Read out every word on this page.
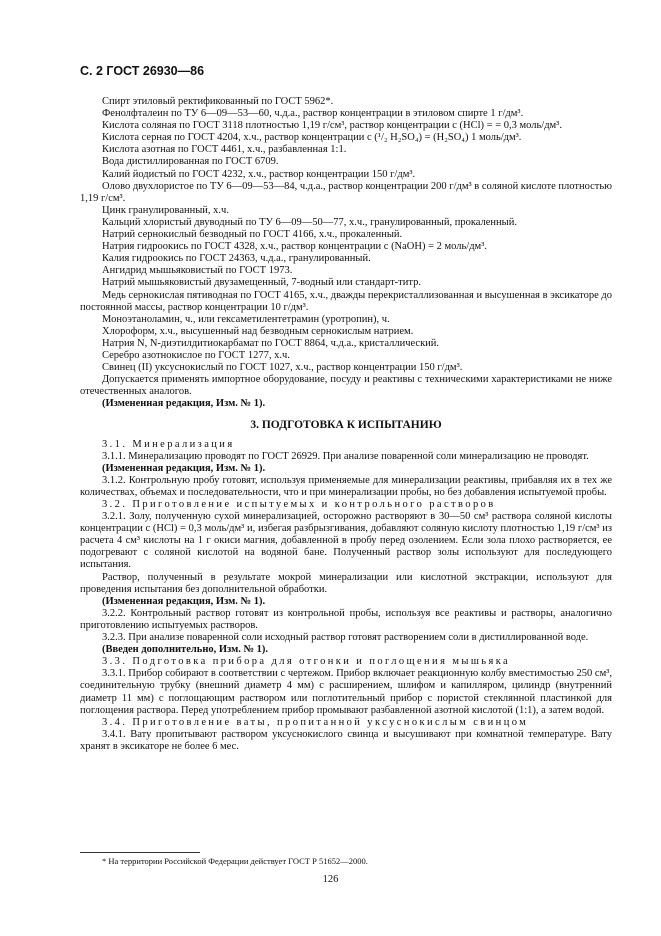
С. 2 ГОСТ 26930—86

Спирт этиловый ректификованный по ГОСТ 5962*.

Фенолфталеин по ТУ 6—09—53—60, ч.д.а., раствор концентрации в этиловом спирте 1 г/дм³.

Кислота соляная по ГОСТ 3118 плотностью 1,19 г/см³, раствор концентрации c (HCl) = = 0,3 моль/дм³.

Кислота серная по ГОСТ 4204, х.ч., раствор концентрации c (¹/₂ H₂SO₄) = (H₂SO₄) 1 моль/дм³.

Кислота азотная по ГОСТ 4461, х.ч., разбавленная 1:1.

Вода дистиллированная по ГОСТ 6709.

Калий йодистый по ГОСТ 4232, х.ч., раствор концентрации 150 г/дм³.

Олово двухлористое по ТУ 6—09—53—84, ч.д.а., раствор концентрации 200 г/дм³ в соляной кислоте плотностью 1,19 г/см³.

Цинк гранулированный, х.ч.

Кальций хлористый двуводный по ТУ 6—09—50—77, х.ч., гранулированный, прокаленный.

Натрий сернокислый безводный по ГОСТ 4166, х.ч., прокаленный.

Натрия гидроокись по ГОСТ 4328, х.ч., раствор концентрации c (NaOH) = 2 моль/дм³.

Калия гидроокись по ГОСТ 24363, ч.д.а., гранулированный.

Ангидрид мышьяковистый по ГОСТ 1973.

Натрий мышьяковистый двузамещенный, 7-водный или стандарт-титр.

Медь сернокислая пятиводная по ГОСТ 4165, х.ч., дважды перекристаллизованная и высушенная в эксикаторе до постоянной массы, раствор концентрации 10 г/дм³.

Моноэтаноламин, ч., или гексаметилентетрамин (уротропин), ч.

Хлороформ, х.ч., высушенный над безводным сернокислым натрием.

Натрия N, N-диэтилдитиокарбамат по ГОСТ 8864, ч.д.а., кристаллический.

Серебро азотнокислое по ГОСТ 1277, х.ч.

Свинец (II) уксуснокислый по ГОСТ 1027, х.ч., раствор концентрации 150 г/дм³.

Допускается применять импортное оборудование, посуду и реактивы с техническими характеристиками не ниже отечественных аналогов.

(Измененная редакция, Изм. № 1).

3. ПОДГОТОВКА К ИСПЫТАНИЮ

3.1. Минерализация

3.1.1. Минерализацию проводят по ГОСТ 26929. При анализе поваренной соли минерализацию не проводят.

(Измененная редакция, Изм. № 1).

3.1.2. Контрольную пробу готовят, используя применяемые для минерализации реактивы, прибавляя их в тех же количествах, объемах и последовательности, что и при минерализации пробы, но без добавления испытуемой пробы.

3.2. Приготовление испытуемых и контрольного растворов

3.2.1. Золу, полученную сухой минерализацией, осторожно растворяют в 30—50 см³ раствора соляной кислоты концентрации c (HCl) = 0,3 моль/дм³ и, избегая разбрызгивания, добавляют соляную кислоту плотностью 1,19 г/см³ из расчета 4 см³ кислоты на 1 г окиси магния, добавленной в пробу перед озолением. Если зола плохо растворяется, ее подогревают с соляной кислотой на водяной бане. Полученный раствор золы используют для последующего испытания.

Раствор, полученный в результате мокрой минерализации или кислотной экстракции, используют для проведения испытания без дополнительной обработки.

(Измененная редакция, Изм. № 1).

3.2.2. Контрольный раствор готовят из контрольной пробы, используя все реактивы и растворы, аналогично приготовлению испытуемых растворов.

3.2.3. При анализе поваренной соли исходный раствор готовят растворением соли в дистиллированной воде.

(Введен дополнительно, Изм. № 1).

3.3. Подготовка прибора для отгонки и поглощения мышьяка

3.3.1. Прибор собирают в соответствии с чертежом. Прибор включает реакционную колбу вместимостью 250 см³, соединительную трубку (внешний диаметр 4 мм) с расширением, шлифом и капилляром, цилиндр (внутренний диаметр 11 мм) с поглощающим раствором или поглотительный прибор с пористой стеклянной пластинкой для поглощения раствора. Перед употреблением прибор промывают разбавленной азотной кислотой (1:1), а затем водой.

3.4. Приготовление ваты, пропитанной уксуснокислым свинцом

3.4.1. Вату пропитывают раствором уксуснокислого свинца и высушивают при комнатной температуре. Вату хранят в эксикаторе не более 6 мес.

* На территории Российской Федерации действует ГОСТ Р 51652—2000.

126
